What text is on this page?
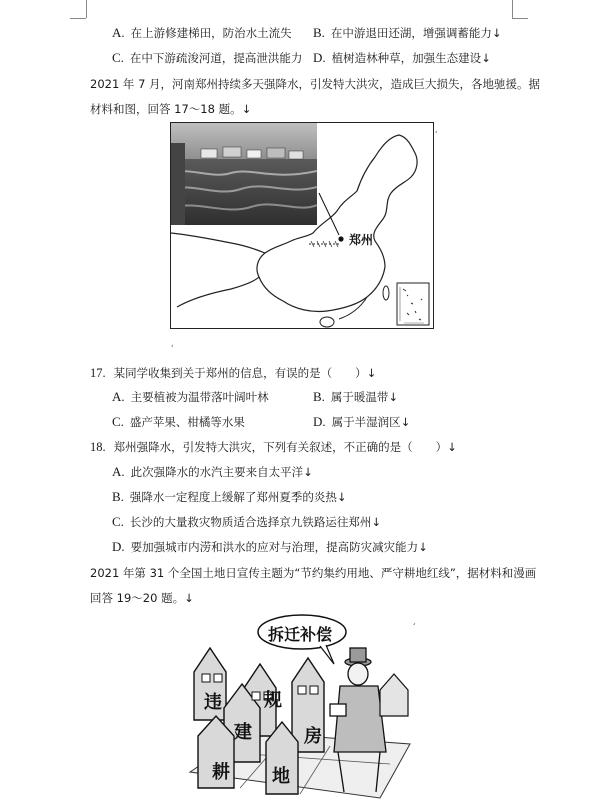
A. 在上游修建梯田，防治水土流失 B. 在中游退田还湖，增强调蓄能力↓
C. 在中下游疏浚河道，提高泄洪能力 D. 植树造林种草，加强生态建设↓
2021 年 7 月，河南郑州持续多天强降水，引发特大洪灾，造成巨大损失，各地驰援。据
材料和图，回答 17～18 题。↓
郑州
¸
¸
17. 某同学收集到关于郑州的信息，有误的是（　　）↓
A. 主要植被为温带落叶阔叶林	B. 属于暖温带↓
C. 盛产苹果、柑橘等水果	D. 属于半湿润区↓
18. 郑州强降水，引发特大洪灾，下列有关叙述，不正确的是（　　）↓
A. 此次强降水的水汽主要来自太平洋↓
B. 强降水一定程度上缓解了郑州夏季的炎热↓
C. 长沙的大量救灾物质适合选择京九铁路运往郑州↓
D. 要加强城市内涝和洪水的应对与治理，提高防灾减灾能力↓
2021 年第 31 个全国土地日宣传主题为“节约集约用地、严守耕地红线”，据材料和漫画
回答 19～20 题。↓
¸
拆迁补偿
违 规
建	房
耕 地
